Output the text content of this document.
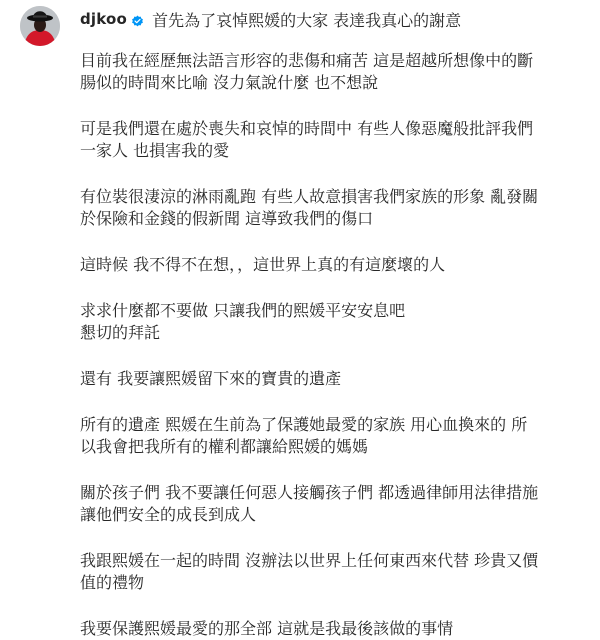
djkoo 首先為了哀悼熙媛的大家 表達我真心的謝意

目前我在經歷無法語言形容的悲傷和痛苦 這是超越所想像中的斷
腸似的時間來比喻 沒力氣說什麼 也不想說

可是我們還在處於喪失和哀悼的時間中 有些人像惡魔般批評我們
一家人 也損害我的愛

有位裝很淒涼的淋雨亂跑 有些人故意損害我們家族的形象 亂發關
於保險和金錢的假新聞 這導致我們的傷口

這時候 我不得不在想，，這世界上真的有這麼壞的人

求求什麼都不要做 只讓我們的熙媛平安安息吧
懇切的拜託

還有 我要讓熙媛留下來的寶貴的遺產

所有的遺產 熙媛在生前為了保護她最愛的家族 用心血換來的 所
以我會把我所有的權利都讓給熙媛的媽媽

關於孩子們 我不要讓任何惡人接觸孩子們 都透過律師用法律措施
讓他們安全的成長到成人

我跟熙媛在一起的時間 沒辦法以世界上任何東西來代替 珍貴又價
值的禮物

我要保護熙媛最愛的那全部 這就是我最後該做的事情
